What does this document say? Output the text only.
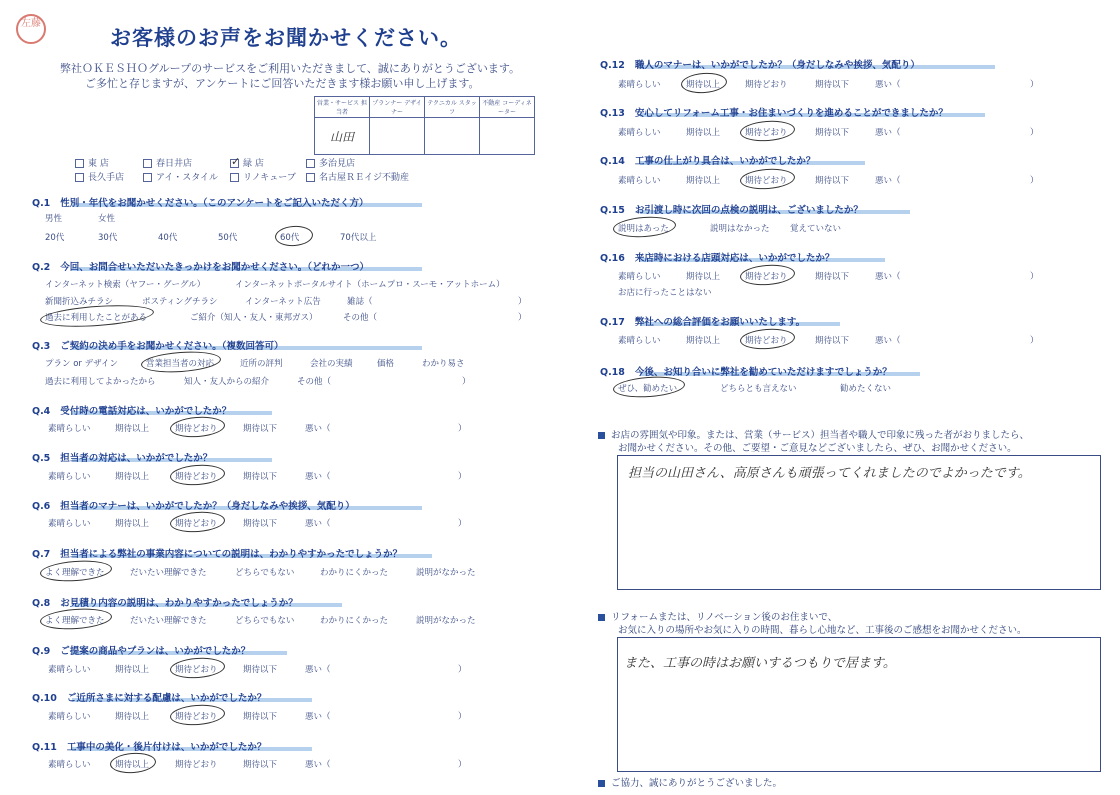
左藤
お客様のお声をお聞かせください。
弊社ＯＫＥＳＨＯグループのサービスをご利用いただきまして、誠にありがとうございます。
ご多忙と存じますが、アンケートにご回答いただきます様お願い申し上げます。
営業・サービス 担当者	プランナー デザイナー	テクニカル スタッフ	不動産 コーディネーター
山田			
東 店	春日井店	✓ 緑 店	多治見店
長久手店	アイ・スタイル	リノキューブ	名古屋ＲＥイジ不動産
Q.1 性別・年代をお聞かせください。（このアンケートをご記入いただく方）
男性	女性
20代	30代	40代	50代	60代	70代以上
Q.2 今回、お問合せいただいたきっかけをお聞かせください。（どれか一つ）
インターネット検索（ヤフー・グーグル）	インターネットポータルサイト（ホームプロ・スーモ・アットホーム）
新聞折込みチラシ	ポスティングチラシ	インターネット広告	雑誌（	）
過去に利用したことがある	ご紹介（知人・友人・東邦ガス）	その他（	）
Q.3 ご契約の決め手をお聞かせください。（複数回答可）
プラン or デザイン	営業担当者の対応	近所の評判	会社の実績	価格	わかり易さ
過去に利用してよかったから	知人・友人からの紹介	その他（	）
Q.4 受付時の電話対応は、いかがでしたか？
素晴らしい	期待以上	期待どおり	期待以下	悪い（	）
Q.5 担当者の対応は、いかがでしたか？
素晴らしい	期待以上	期待どおり	期待以下	悪い（	）
Q.6 担当者のマナーは、いかがでしたか？（身だしなみや挨拶、気配り）
素晴らしい	期待以上	期待どおり	期待以下	悪い（	）
Q.7 担当者による弊社の事業内容についての説明は、わかりやすかったでしょうか？
よく理解できた	だいたい理解できた	どちらでもない	わかりにくかった	説明がなかった
Q.8 お見積り内容の説明は、わかりやすかったでしょうか？
よく理解できた	だいたい理解できた	どちらでもない	わかりにくかった	説明がなかった
Q.9 ご提案の商品やプランは、いかがでしたか？
素晴らしい	期待以上	期待どおり	期待以下	悪い（	）
Q.10 ご近所さまに対する配慮は、いかがでしたか？
素晴らしい	期待以上	期待どおり	期待以下	悪い（	）
Q.11 工事中の美化・後片付けは、いかがでしたか？
素晴らしい	期待以上	期待どおり	期待以下	悪い（	）
Q.12 職人のマナーは、いかがでしたか？（身だしなみや挨拶、気配り）
素晴らしい	期待以上	期待どおり	期待以下	悪い（	）
Q.13 安心してリフォーム工事・お住まいづくりを進めることができましたか？
素晴らしい	期待以上	期待どおり	期待以下	悪い（	）
Q.14 工事の仕上がり具合は、いかがでしたか？
素晴らしい	期待以上	期待どおり	期待以下	悪い（	）
Q.15 お引渡し時に次回の点検の説明は、ございましたか？
説明はあった	説明はなかった 覚えていない
Q.16 来店時における店頭対応は、いかがでしたか？
素晴らしい	期待以上	期待どおり	期待以下	悪い（	）
お店に行ったことはない
Q.17 弊社への総合評価をお願いいたします。
素晴らしい	期待以上	期待どおり	期待以下	悪い（	）
Q.18 今後、お知り合いに弊社を勧めていただけますでしょうか？
ぜひ、勧めたい	どちらとも言えない	勧めたくない
お店の雰囲気や印象。または、営業（サービス）担当者や職人で印象に残った者がおりましたら、
お聞かせください。その他、ご要望・ご意見などございましたら、ぜひ、お聞かせください。
担当の山田さん、高原さんも頑張ってくれましたのでよかったです。
リフォームまたは、リノベーション後のお住まいで、
お気に入りの場所やお気に入りの時間、暮らし心地など、工事後のご感想をお聞かせください。
また、工事の時はお願いするつもりで居ます。
ご協力、誠にありがとうございました。
